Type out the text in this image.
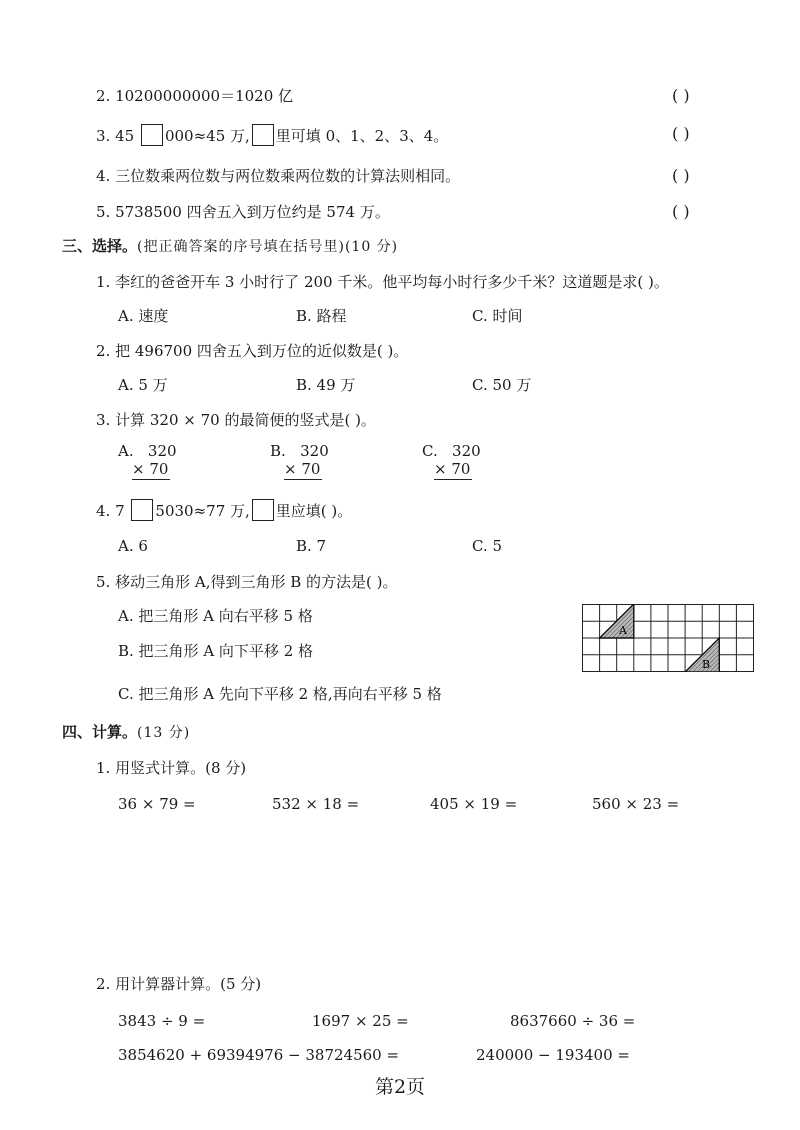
2. 10200000000＝1020 亿	( )
3. 45 000≈45 万, 里可填 0、1、2、3、4。	( )
4. 三位数乘两位数与两位数乘两位数的计算法则相同。	( )
5. 5738500 四舍五入到万位约是 574 万。	( )
三、选择。(把正确答案的序号填在括号里)(10 分)
1. 李红的爸爸开车 3 小时行了 200 千米。他平均每小时行多少千米？这道题是求( )。
A. 速度	B. 路程	C. 时间
2. 把 496700 四舍五入到万位的近似数是( )。
A. 5 万	B. 49 万	C. 50 万
3. 计算 320 × 70 的最简便的竖式是( )。
A. 320
× 70
B. 320
× 70
C. 320
× 70
4. 7 5030≈77 万, 里应填( )。
A. 6	B. 7	C. 5
5. 移动三角形 A,得到三角形 B 的方法是( )。
A. 把三角形 A 向右平移 5 格
B. 把三角形 A 向下平移 2 格
C. 把三角形 A 先向下平移 2 格,再向右平移 5 格
A
B
四、计算。(13 分)
1. 用竖式计算。(8 分)
36 × 79 =	532 × 18 =	405 × 19 =	560 × 23 =
2. 用计算器计算。(5 分)
3843 ÷ 9 =	1697 × 25 =	8637660 ÷ 36 =
3854620 + 69394976 − 38724560 =	240000 − 193400 =
第2页
